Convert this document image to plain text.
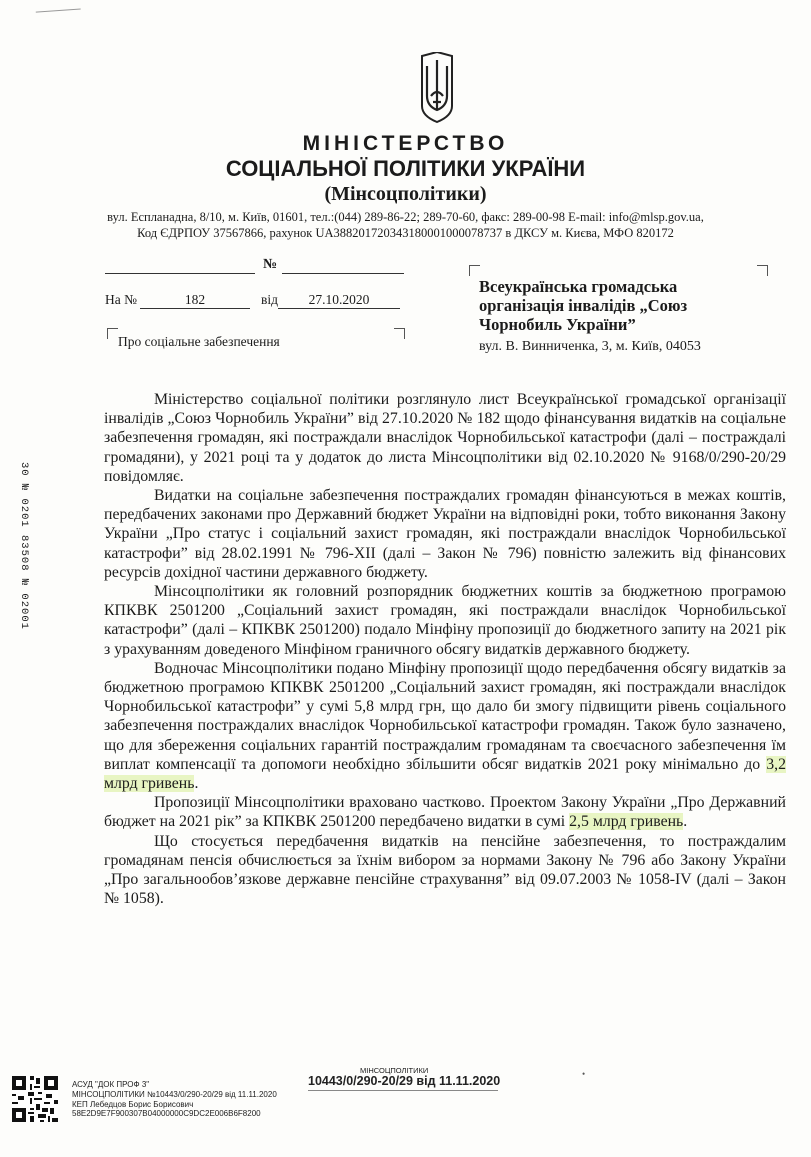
МІНІСТЕРСТВО
СОЦІАЛЬНОЇ ПОЛІТИКИ УКРАЇНИ
(Мінсоцполітики)
вул. Еспланадна, 8/10, м. Київ, 01601, тел.:(044) 289-86-22; 289-70-60, факс: 289-00-98 E-mail: info@mlsp.gov.ua,
Код ЄДРПОУ 37567866, рахунок UA388201720343180001000078737 в ДКСУ м. Києва, МФО 820172
№
На №	182	від	27.10.2020
Про соціальне забезпечення
Всеукраїнська громадська
організація інвалідів „Союз
Чорнобиль України”
вул. В. Винниченка, 3, м. Київ, 04053

Міністерство соціальної політики розглянуло лист Всеукраїнської громадської організації інвалідів „Союз Чорнобиль України” від 27.10.2020 № 182 щодо фінансування видатків на соціальне забезпечення громадян, які постраждали внаслідок Чорнобильської катастрофи (далі – постраждалі громадяни), у 2021 році та у додаток до листа Мінсоцполітики від 02.10.2020 № 9168/0/290-20/29 повідомляє.

Видатки на соціальне забезпечення постраждалих громадян фінансуються в межах коштів, передбачених законами про Державний бюджет України на відповідні роки, тобто виконання Закону України „Про статус і соціальний захист громадян, які постраждали внаслідок Чорнобильської катастрофи” від 28.02.1991 № 796-XII (далі – Закон № 796) повністю залежить від фінансових ресурсів дохідної частини державного бюджету.

Мінсоцполітики як головний розпорядник бюджетних коштів за бюджетною програмою КПКВК 2501200 „Соціальний захист громадян, які постраждали внаслідок Чорнобильської катастрофи” (далі – КПКВК 2501200) подало Мінфіну пропозиції до бюджетного запиту на 2021 рік з урахуванням доведеного Мінфіном граничного обсягу видатків державного бюджету.

Водночас Мінсоцполітики подано Мінфіну пропозиції щодо передбачення обсягу видатків за бюджетною програмою КПКВК 2501200 „Соціальний захист громадян, які постраждали внаслідок Чорнобильської катастрофи” у сумі 5,8 млрд грн, що дало би змогу підвищити рівень соціального забезпечення постраждалих внаслідок Чорнобильської катастрофи громадян. Також було зазначено, що для збереження соціальних гарантій постраждалим громадянам та своєчасного забезпечення їм виплат компенсації та допомоги необхідно збільшити обсяг видатків 2021 року мінімально до 3,2 млрд гривень.

Пропозиції Мінсоцполітики враховано частково. Проектом Закону України „Про Державний бюджет на 2021 рік” за КПКВК 2501200 передбачено видатки в сумі 2,5 млрд гривень.

Що стосується передбачення видатків на пенсійне забезпечення, то постраждалим громадянам пенсія обчислюється за їхнім вибором за нормами Закону № 796 або Закону України „Про загальнообов’язкове державне пенсійне страхування” від 09.07.2003 № 1058-IV (далі – Закон № 1058).

30 № 0201 83508 № 02001
АСУД "ДОК ПРОФ 3"
МІНСОЦПОЛІТИКИ №10443/0/290-20/29 від 11.11.2020
КЕП Лебедцов Борис Борисович
58E2D9E7F900307B04000000C9DC2E006B6F8200
МІНСОЦПОЛІТИКИ
10443/0/290-20/29 від 11.11.2020	•
